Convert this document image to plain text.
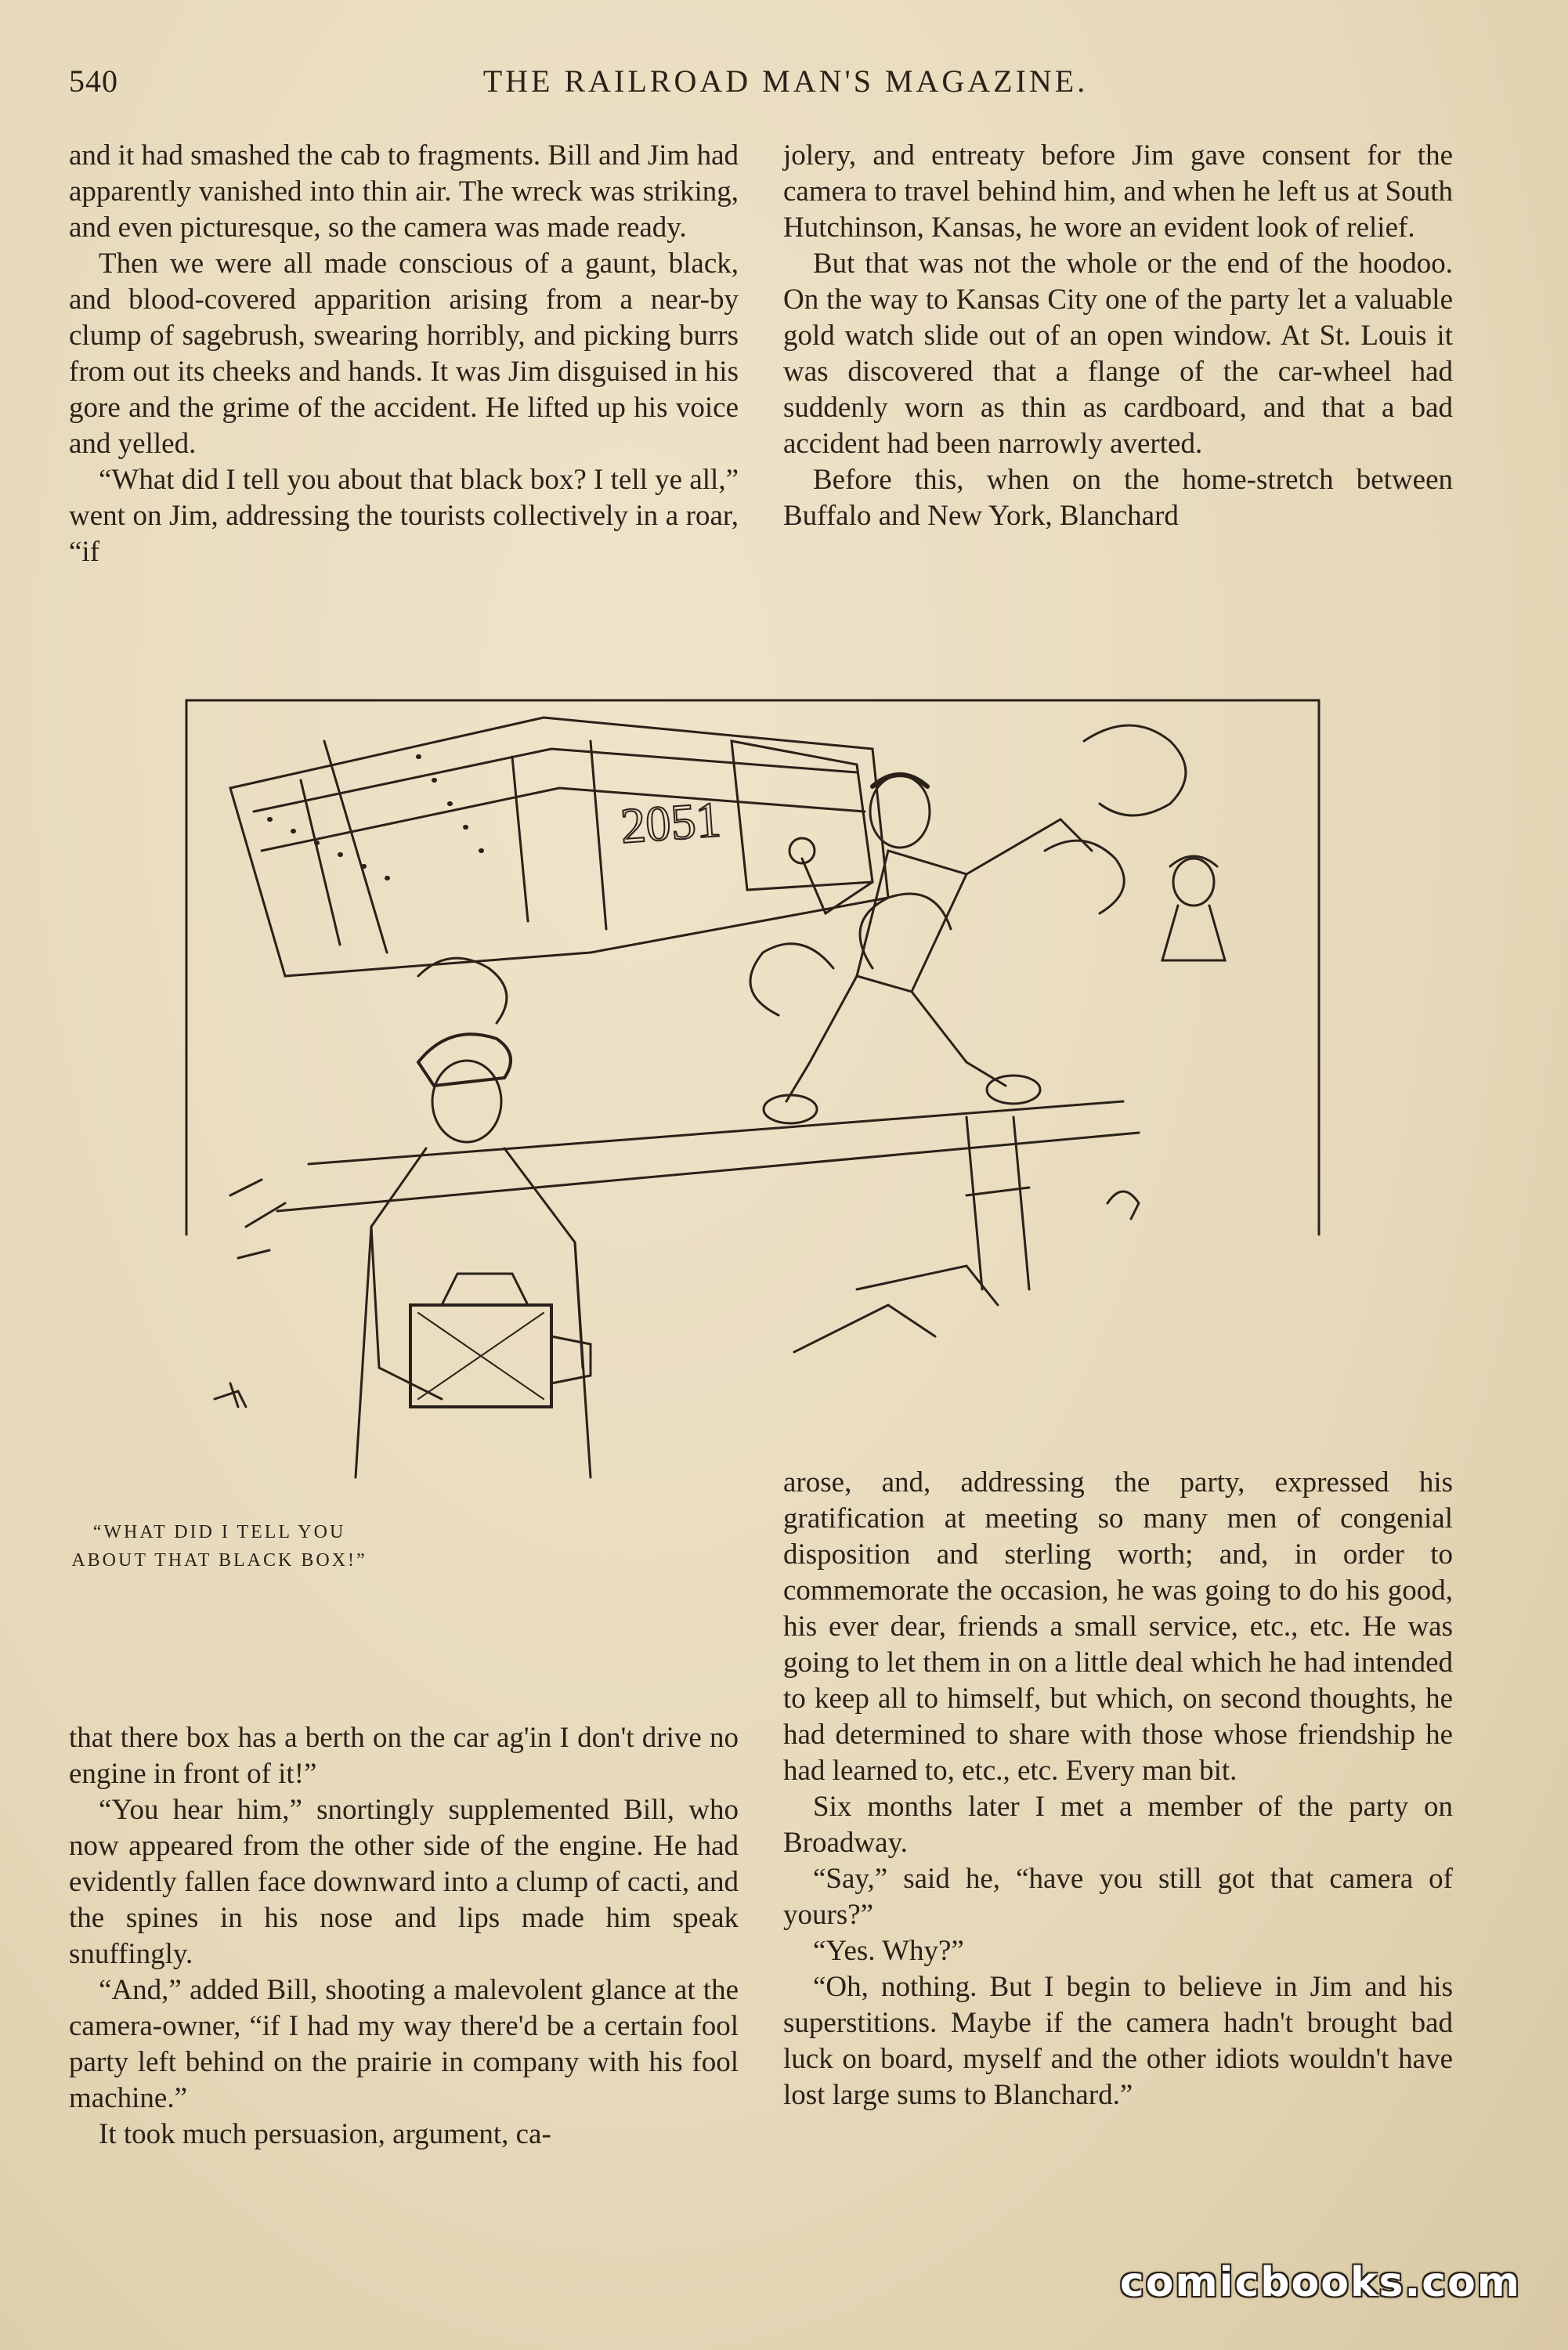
540	THE RAILROAD MAN'S MAGAZINE.

and it had smashed the cab to fragments. Bill and Jim had apparently vanished into thin air. The wreck was striking, and even picturesque, so the camera was made ready.

Then we were all made conscious of a gaunt, black, and blood-covered apparition arising from a near-by clump of sagebrush, swearing horribly, and picking burrs from out its cheeks and hands. It was Jim disguised in his gore and the grime of the accident. He lifted up his voice and yelled.

“What did I tell you about that black box? I tell ye all,” went on Jim, addressing the tourists collectively in a roar, “if

jolery, and entreaty before Jim gave consent for the camera to travel behind him, and when he left us at South Hutchinson, Kansas, he wore an evident look of relief.

But that was not the whole or the end of the hoodoo. On the way to Kansas City one of the party let a valuable gold watch slide out of an open window. At St. Louis it was discovered that a flange of the car-wheel had suddenly worn as thin as cardboard, and that a bad accident had been narrowly averted.

Before this, when on the home-stretch between Buffalo and New York, Blanchard

2051
“WHAT DID I TELL YOU ABOUT THAT BLACK BOX!”

that there box has a berth on the car ag'in I don't drive no engine in front of it!”

“You hear him,” snortingly supplemented Bill, who now appeared from the other side of the engine. He had evidently fallen face downward into a clump of cacti, and the spines in his nose and lips made him speak snuffingly.

“And,” added Bill, shooting a malevolent glance at the camera-owner, “if I had my way there'd be a certain fool party left behind on the prairie in company with his fool machine.”

It took much persuasion, argument, ca-

arose, and, addressing the party, expressed his gratification at meeting so many men of congenial disposition and sterling worth; and, in order to commemorate the occasion, he was going to do his good, his ever dear, friends a small service, etc., etc. He was going to let them in on a little deal which he had intended to keep all to himself, but which, on second thoughts, he had determined to share with those whose friendship he had learned to, etc., etc. Every man bit.

Six months later I met a member of the party on Broadway.

“Say,” said he, “have you still got that camera of yours?”

“Yes. Why?”

“Oh, nothing. But I begin to believe in Jim and his superstitions. Maybe if the camera hadn't brought bad luck on board, myself and the other idiots wouldn't have lost large sums to Blanchard.”

comicbooks.com
